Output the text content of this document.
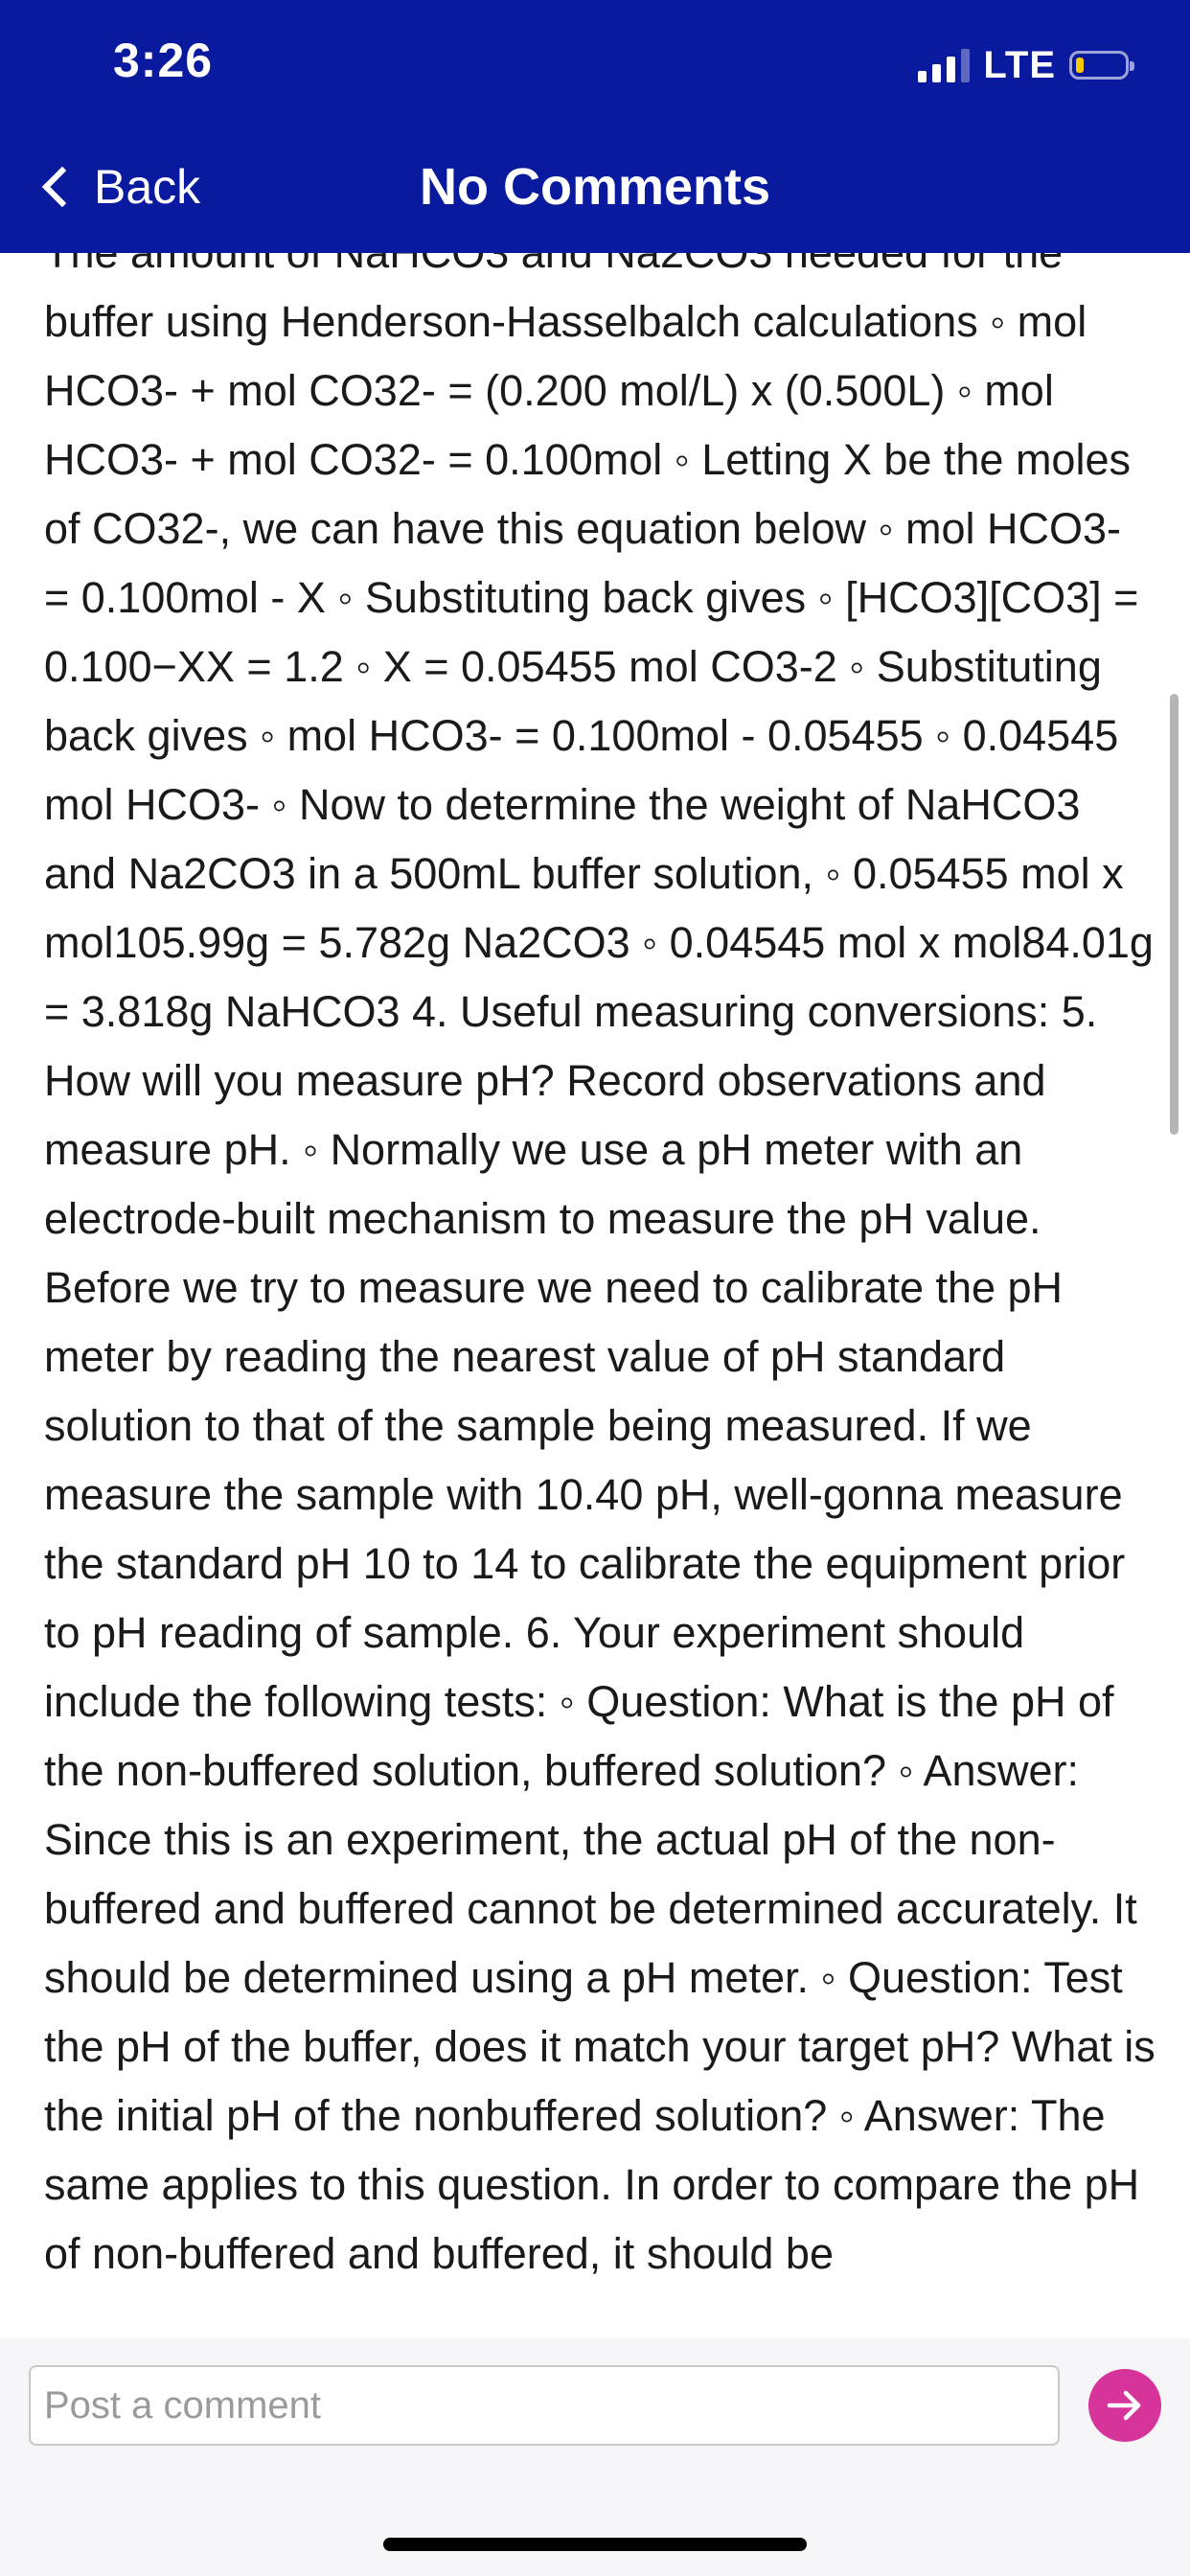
3:26	LTE
No Comments
Back

buffer using Henderson-Hasselbalch calculations ◦ mol HCO3- + mol CO32- = (0.200 mol/L) x (0.500L) ◦ mol HCO3- + mol CO32- = 0.100mol ◦ Letting X be the moles of CO32-, we can have this equation below ◦ mol HCO3- = 0.100mol - X ◦ Substituting back gives ◦ [HCO3][CO3] = 0.100−XX = 1.2 ◦ X = 0.05455 mol CO3-2 ◦ Substituting back gives ◦ mol HCO3- = 0.100mol - 0.05455 ◦ 0.04545 mol HCO3- ◦ Now to determine the weight of NaHCO3 and Na2CO3 in a 500mL buffer solution, ◦ 0.05455 mol x mol105.99g = 5.782g Na2CO3 ◦ 0.04545 mol x mol84.01g = 3.818g NaHCO3 4. Useful measuring conversions: 5. How will you measure pH? Record observations and measure pH. ◦ Normally we use a pH meter with an electrode-built mechanism to measure the pH value. Before we try to measure we need to calibrate the pH meter by reading the nearest value of pH standard solution to that of the sample being measured. If we measure the sample with 10.40 pH, well-gonna measure the standard pH 10 to 14 to calibrate the equipment prior to pH reading of sample. 6. Your experiment should include the following tests: ◦ Question: What is the pH of the non-buffered solution, buffered solution? ◦ Answer: Since this is an experiment, the actual pH of the non-buffered and buffered cannot be determined accurately. It should be determined using a pH meter. ◦ Question: Test the pH of the buffer, does it match your target pH? What is the initial pH of the nonbuffered solution? ◦ Answer: The same applies to this question. In order to compare the pH of non-buffered and buffered, it should be

Post a comment
